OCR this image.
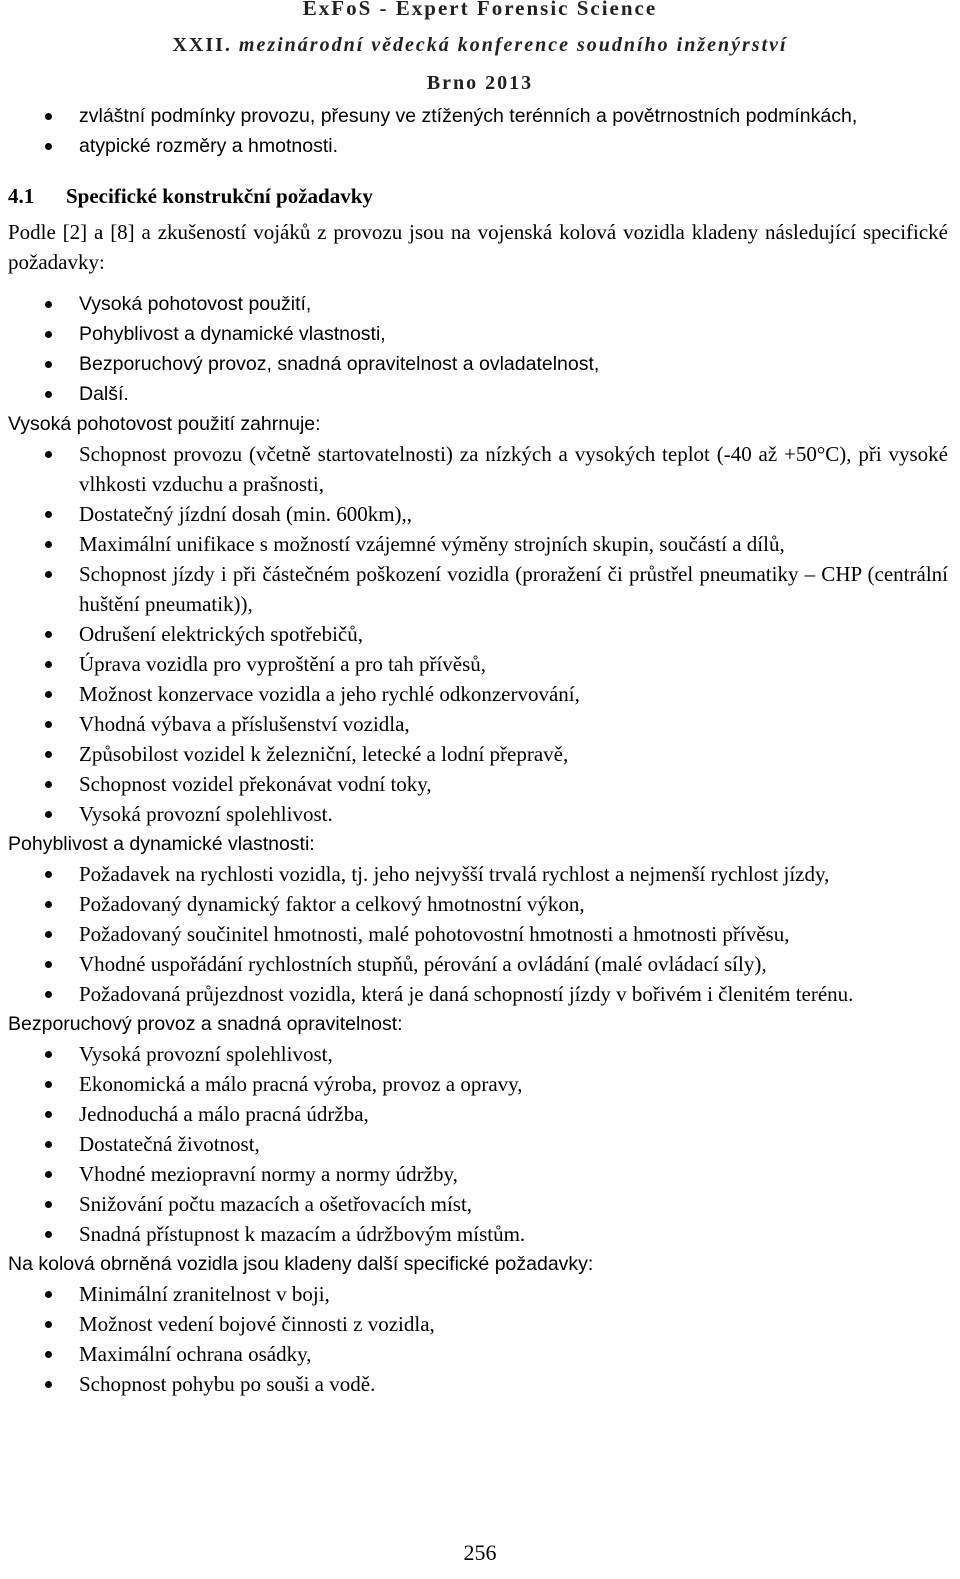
ExFoS - Expert Forensic Science
XXII. mezinárodní vědecká konference soudního inženýrství
Brno 2013
zvláštní podmínky provozu, přesuny ve ztížených terénních a povětrnostních podmínkách,
atypické rozměry a hmotnosti.

4.1 Specifické konstrukční požadavky

Podle [2] a [8] a zkušeností vojáků z provozu jsou na vojenská kolová vozidla kladeny následující specifické požadavky:

Vysoká pohotovost použití,
Pohyblivost a dynamické vlastnosti,
Bezporuchový provoz, snadná opravitelnost a ovladatelnost,
Další.

Vysoká pohotovost použití zahrnuje:

Schopnost provozu (včetně startovatelnosti) za nízkých a vysokých teplot (-40 až +50°C), při vysoké vlhkosti vzduchu a prašnosti,
Dostatečný jízdní dosah (min. 600km),,
Maximální unifikace s možností vzájemné výměny strojních skupin, součástí a dílů,
Schopnost jízdy i při částečném poškození vozidla (proražení či průstřel pneumatiky – CHP (centrální huštění pneumatik)),
Odrušení elektrických spotřebičů,
Úprava vozidla pro vyproštění a pro tah přívěsů,
Možnost konzervace vozidla a jeho rychlé odkonzervování,
Vhodná výbava a příslušenství vozidla,
Způsobilost vozidel k železniční, letecké a lodní přepravě,
Schopnost vozidel překonávat vodní toky,
Vysoká provozní spolehlivost.

Pohyblivost a dynamické vlastnosti:

Požadavek na rychlosti vozidla, tj. jeho nejvyšší trvalá rychlost a nejmenší rychlost jízdy,
Požadovaný dynamický faktor a celkový hmotnostní výkon,
Požadovaný součinitel hmotnosti, malé pohotovostní hmotnosti a hmotnosti přívěsu,
Vhodné uspořádání rychlostních stupňů, pérování a ovládání (malé ovládací síly),
Požadovaná průjezdnost vozidla, která je daná schopností jízdy v bořivém i členitém terénu.

Bezporuchový provoz a snadná opravitelnost:

Vysoká provozní spolehlivost,
Ekonomická a málo pracná výroba, provoz a opravy,
Jednoduchá a málo pracná údržba,
Dostatečná životnost,
Vhodné meziopravní normy a normy údržby,
Snižování počtu mazacích a ošetřovacích míst,
Snadná přístupnost k mazacím a údržbovým místům.

Na kolová obrněná vozidla jsou kladeny další specifické požadavky:

Minimální zranitelnost v boji,
Možnost vedení bojové činnosti z vozidla,
Maximální ochrana osádky,
Schopnost pohybu po souši a vodě.
256
